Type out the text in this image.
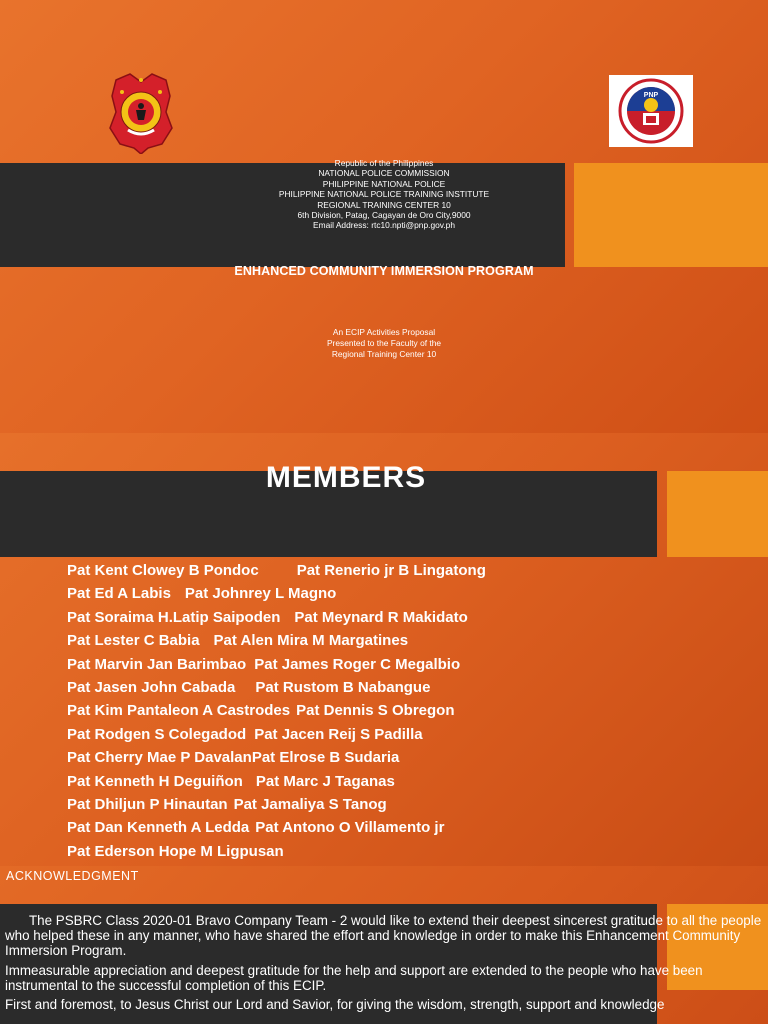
PNP
Republic of the Philippines
NATIONAL POLICE COMMISSION
PHILIPPINE NATIONAL POLICE
PHILIPPINE NATIONAL POLICE TRAINING INSTITUTE
REGIONAL TRAINING CENTER 10
6th Division, Patag, Cagayan de Oro City,9000
Email Address: rtc10.npti@pnp.gov.ph
ENHANCED COMMUNITY IMMERSION PROGRAM
An ECIP Activities Proposal
Presented to the Faculty of the
Regional Training Center 10
MEMBERS
Pat Kent Clowey B Pondoc	Pat Renerio jr B Lingatong
Pat Ed A Labis Pat Johnrey L Magno
Pat Soraima H.Latip Saipoden Pat Meynard R Makidato
Pat Lester C Babia Pat Alen Mira M Margatines
Pat Marvin Jan Barimbao Pat James Roger C Megalbio
Pat Jasen John Cabada Pat Rustom B Nabangue
Pat Kim Pantaleon A Castrodes Pat Dennis S Obregon
Pat Rodgen S Colegadod Pat Jacen Reij S Padilla
Pat Cherry Mae P DavalanPat Elrose B Sudaria
Pat Kenneth H Deguiñon Pat Marc J Taganas
Pat Dhiljun P Hinautan Pat Jamaliya S Tanog
Pat Dan Kenneth A Ledda Pat Antono O Villamento jr
Pat Ederson Hope M Ligpusan
ACKNOWLEDGMENT

The PSBRC Class 2020-01 Bravo Company Team - 2 would like to extend their deepest sincerest gratitude to all the people who helped these in any manner, who have shared the effort and knowledge in order to make this Enhancement Community Immersion Program.

Immeasurable appreciation and deepest gratitude for the help and support are extended to the people who have been instrumental to the successful completion of this ECIP.

First and foremost, to Jesus Christ our Lord and Savior, for giving the wisdom, strength, support and knowledge
